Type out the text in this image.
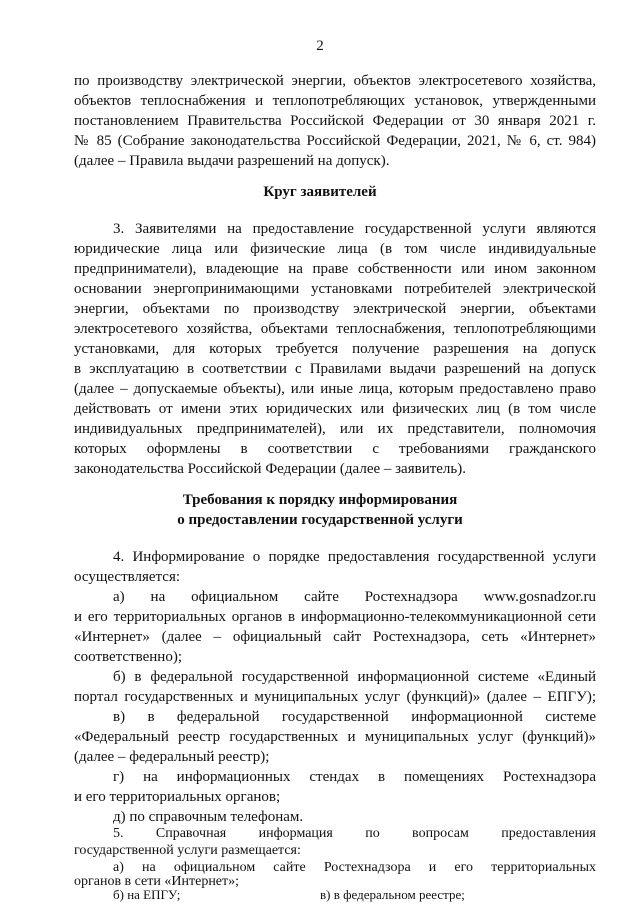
2
по производству электрической энергии, объектов электросетевого хозяйства,
объектов теплоснабжения и теплопотребляющих установок, утвержденными
постановлением Правительства Российской Федерации от 30 января 2021 г.
№ 85 (Собрание законодательства Российской Федерации, 2021, № 6, ст. 984)
(далее – Правила выдачи разрешений на допуск).
Круг заявителей
3. Заявителями на предоставление государственной услуги являются
юридические лица или физические лица (в том числе индивидуальные
предприниматели), владеющие на праве собственности или ином законном
основании энергопринимающими установками потребителей электрической
энергии, объектами по производству электрической энергии, объектами
электросетевого хозяйства, объектами теплоснабжения, теплопотребляющими
установками, для которых требуется получение разрешения на допуск
в эксплуатацию в соответствии с Правилами выдачи разрешений на допуск
(далее – допускаемые объекты), или иные лица, которым предоставлено право
действовать от имени этих юридических или физических лиц (в том числе
индивидуальных предпринимателей), или их представители, полномочия
которых оформлены в соответствии с требованиями гражданского
законодательства Российской Федерации (далее – заявитель).
Требования к порядку информирования
о предоставлении государственной услуги
4. Информирование о порядке предоставления государственной услуги
осуществляется:
а) на официальном сайте Ростехнадзора www.gosnadzor.ru
и его территориальных органов в информационно-телекоммуникационной сети
«Интернет» (далее – официальный сайт Ростехнадзора, сеть «Интернет»
соответственно);
б) в федеральной государственной информационной системе «Единый
портал государственных и муниципальных услуг (функций)» (далее – ЕПГУ);
в) в федеральной государственной информационной системе
«Федеральный реестр государственных и муниципальных услуг (функций)»
(далее – федеральный реестр);
г) на информационных стендах в помещениях Ростехнадзора
и его территориальных органов;
д) по справочным телефонам.
5. Справочная информация по вопросам предоставления
государственной услуги размещается:
а) на официальном сайте Ростехнадзора и его территориальных
органов в сети «Интернет»;
б) на ЕПГУ;	в) в федеральном реестре;
